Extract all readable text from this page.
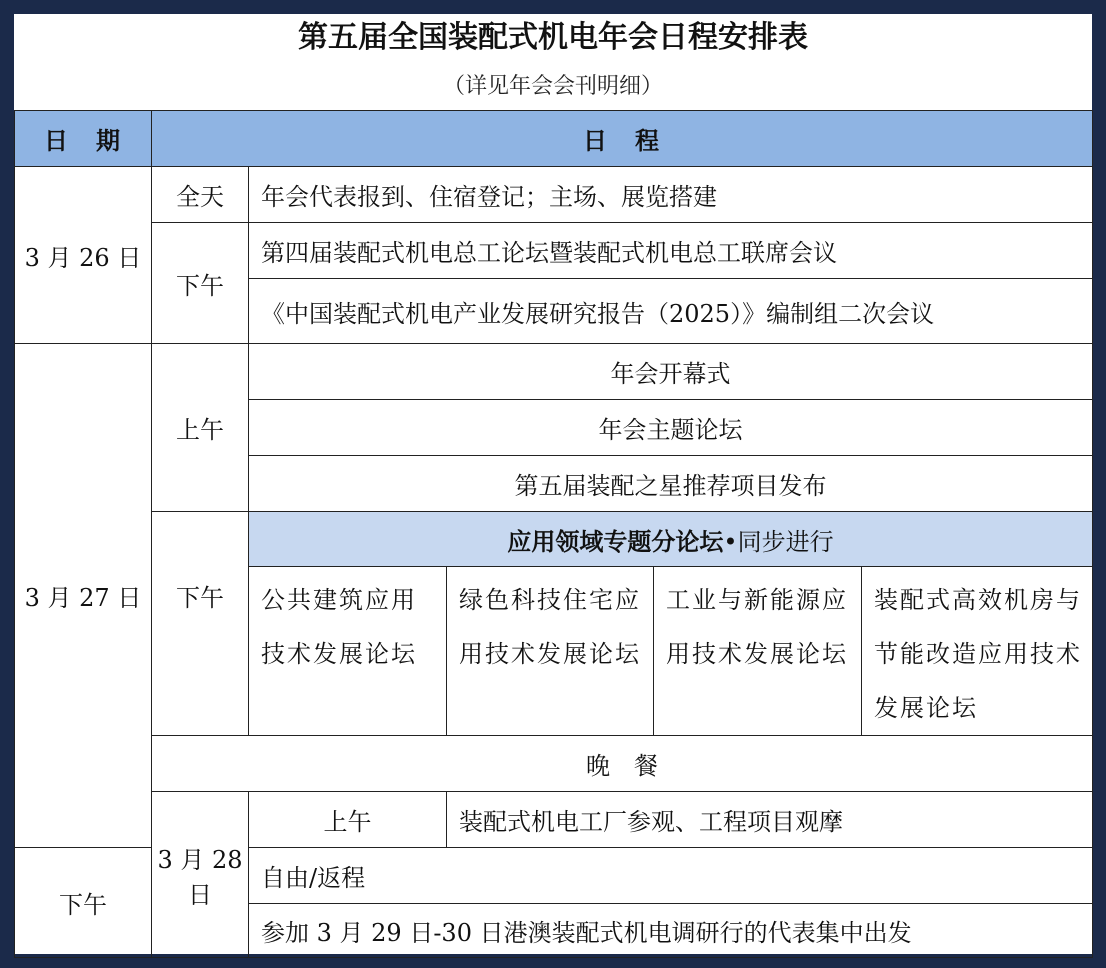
第五届全国装配式机电年会日程安排表
（详见年会会刊明细）
日　期	日　程				
3 月 26 日	全天	年会代表报到、住宿登记；主场、展览搭建			
	下午	第四届装配式机电总工论坛暨装配式机电总工联席会议			
		《中国装配式机电产业发展研究报告（2025）》编制组二次会议			
3 月 27 日	上午	年会开幕式			
		年会主题论坛			
		第五届装配之星推荐项目发布			
	下午	应用领域专题分论坛•同步进行			
		公共建筑应用技术发展论坛	绿色科技住宅应用技术发展论坛	工业与新能源应用技术发展论坛	装配式高效机房与节能改造应用技术发展论坛
	晚　餐				
	3 月 28 日	上午	装配式机电工厂参观、工程项目观摩		
下午		自由/返程			
		参加 3 月 29 日-30 日港澳装配式机电调研行的代表集中出发			
